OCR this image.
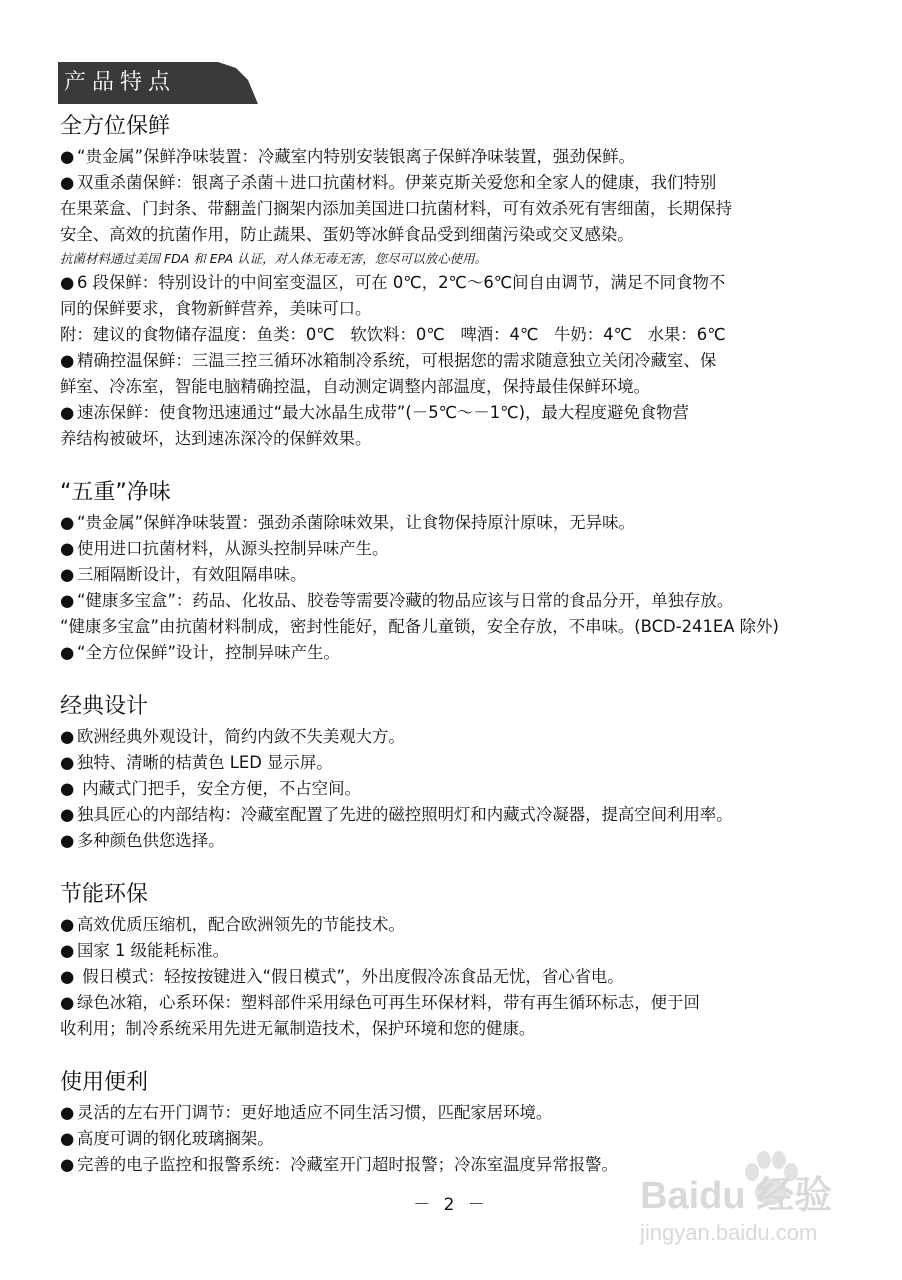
产品特点
全方位保鲜
● “贵金属”保鲜净味装置：冷藏室内特别安装银离子保鲜净味装置，强劲保鲜。
● 双重杀菌保鲜：银离子杀菌＋进口抗菌材料。伊莱克斯关爱您和全家人的健康，我们特别
在果菜盒、门封条、带翻盖门搁架内添加美国进口抗菌材料，可有效杀死有害细菌，长期保持
安全、高效的抗菌作用，防止蔬果、蛋奶等冰鲜食品受到细菌污染或交叉感染。
抗菌材料通过美国 FDA 和 EPA 认证，对人体无毒无害，您尽可以放心使用。
● 6 段保鲜：特别设计的中间室变温区，可在 0℃，2℃～6℃间自由调节，满足不同食物不
同的保鲜要求，食物新鲜营养，美味可口。
附：建议的食物储存温度：鱼类：0℃   软饮料：0℃   啤酒：4℃   牛奶：4℃   水果：6℃
● 精确控温保鲜：三温三控三循环冰箱制冷系统，可根据您的需求随意独立关闭冷藏室、保
鲜室、冷冻室，智能电脑精确控温，自动测定调整内部温度，保持最佳保鲜环境。
● 速冻保鲜：使食物迅速通过“最大冰晶生成带”(－5℃～－1℃)，最大程度避免食物营
养结构被破坏，达到速冻深冷的保鲜效果。
“五重”净味
● “贵金属”保鲜净味装置：强劲杀菌除味效果，让食物保持原汁原味，无异味。
● 使用进口抗菌材料，从源头控制异味产生。
● 三厢隔断设计，有效阻隔串味。
● “健康多宝盒”：药品、化妆品、胶卷等需要冷藏的物品应该与日常的食品分开，单独存放。
“健康多宝盒”由抗菌材料制成，密封性能好，配备儿童锁，安全存放，不串味。(BCD-241EA 除外)
● “全方位保鲜”设计，控制异味产生。
经典设计
● 欧洲经典外观设计，简约内敛不失美观大方。
● 独特、清晰的桔黄色 LED 显示屏。
● 内藏式门把手，安全方便，不占空间。
● 独具匠心的内部结构：冷藏室配置了先进的磁控照明灯和内藏式冷凝器，提高空间利用率。
● 多种颜色供您选择。
节能环保
● 高效优质压缩机，配合欧洲领先的节能技术。
● 国家 1 级能耗标准。
● 假日模式：轻按按键进入“假日模式”，外出度假冷冻食品无忧，省心省电。
● 绿色冰箱，心系环保：塑料部件采用绿色可再生环保材料，带有再生循环标志，便于回
收利用；制冷系统采用先进无氟制造技术，保护环境和您的健康。
使用便利
● 灵活的左右开门调节：更好地适应不同生活习惯，匹配家居环境。
● 高度可调的钢化玻璃搁架。
● 完善的电子监控和报警系统：冷藏室开门超时报警；冷冻室温度异常报警。
－ 2 －	Baidu 经验
jingyan.baidu.com
